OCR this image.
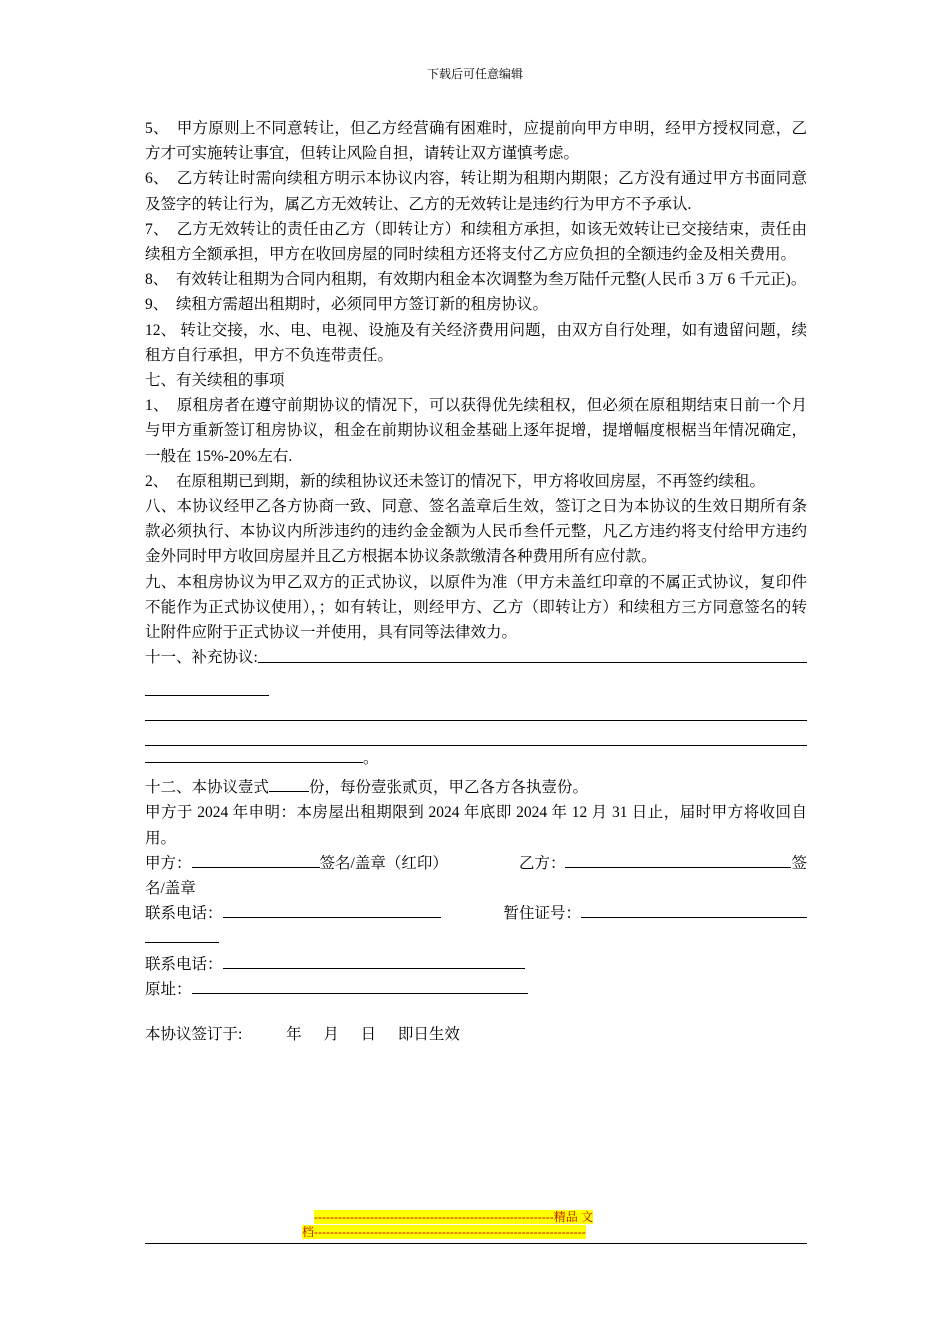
下载后可任意编辑

5、　甲方原则上不同意转让，但乙方经营确有困难时，应提前向甲方申明，经甲方授权同意，乙方才可实施转让事宜，但转让风险自担，请转让双方谨慎考虑。

6、　乙方转让时需向续租方明示本协议内容，转让期为租期内期限；乙方没有通过甲方书面同意及签字的转让行为，属乙方无效转让、乙方的无效转让是违约行为甲方不予承认.

7、　乙方无效转让的责任由乙方（即转让方）和续租方承担，如该无效转让已交接结束，责任由续租方全额承担，甲方在收回房屋的同时续租方还将支付乙方应负担的全额违约金及相关费用。

8、　有效转让租期为合同内租期，有效期内租金本次调整为叁万陆仟元整(人民币 3 万 6 千元正)。

9、　续租方需超出租期时，必须同甲方签订新的租房协议。

12、 转让交接，水、电、电视、设施及有关经济费用问题，由双方自行处理，如有遗留问题，续租方自行承担，甲方不负连带责任。

七、有关续租的事项

1、　原租房者在遵守前期协议的情况下，可以获得优先续租权，但必须在原租期结束日前一个月与甲方重新签订租房协议，租金在前期协议租金基础上逐年捉增，提增幅度根椐当年情况确定，一般在 15%-20%左右.

2、　在原租期已到期，新的续租协议还未签订的情况下，甲方将收回房屋，不再签约续租。

八、本协议经甲乙各方协商一致、同意、签名盖章后生效，签订之日为本协议的生效日期所有条款必须执行、本协议内所涉违约的违约金金额为人民币叁仟元整，凡乙方违约将支付给甲方违约金外同时甲方收回房屋并且乙方根据本协议条款缴清各种费用所有应付款。

九、本租房协议为甲乙双方的正式协议，以原件为准（甲方未盖红印章的不属正式协议，复印件不能作为正式协议使用），；如有转让，则经甲方、乙方（即转让方）和续租方三方同意签名的转让附件应附于正式协议一并使用，具有同等法律效力。

十一、补充协议:
。

十二、本协议壹式	份，每份壹张贰页，甲乙各方各执壹份。

甲方于 2024 年申明：本房屋出租期限到 2024 年底即 2024 年 12 月 31 日止，届时甲方将收回自用。

甲方：	签名/盖章（红印）	乙方：	签
名/盖章
联系电话：	暂住证号：
联系电话：
原址：
本协议签订于:	年 月 日 即日生效
------------------------------------------------------------精品 文
档--------------------------------------------------------------------
